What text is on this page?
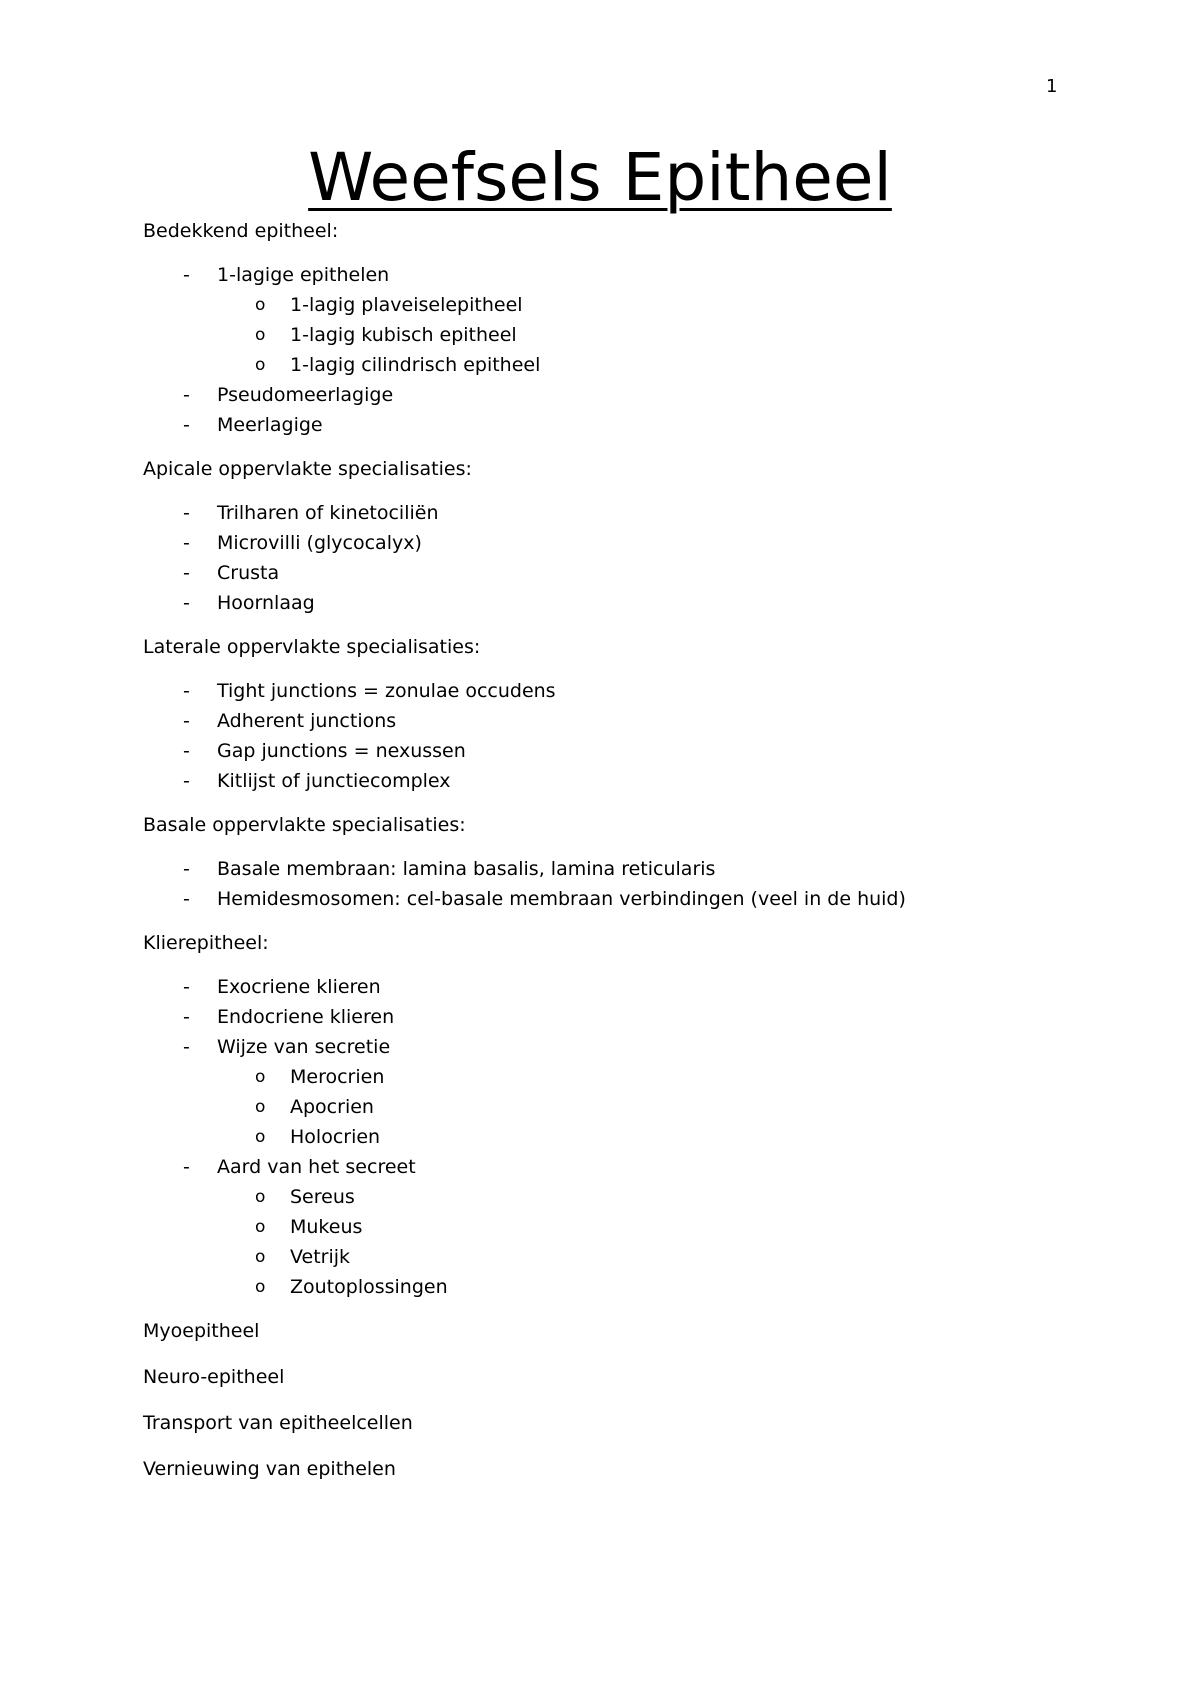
1
Weefsels Epitheel

Bedekkend epitheel:

- 1-lagige epithelen
o 1-lagig plaveiselepitheel
o 1-lagig kubisch epitheel
o 1-lagig cilindrisch epitheel
- Pseudomeerlagige
- Meerlagige

Apicale oppervlakte specialisaties:

- Trilharen of kinetociliën
- Microvilli (glycocalyx)
- Crusta
- Hoornlaag

Laterale oppervlakte specialisaties:

- Tight junctions = zonulae occudens
- Adherent junctions
- Gap junctions = nexussen
- Kitlijst of junctiecomplex

Basale oppervlakte specialisaties:

- Basale membraan: lamina basalis, lamina reticularis
- Hemidesmosomen: cel-basale membraan verbindingen (veel in de huid)

Klierepitheel:

- Exocriene klieren
- Endocriene klieren
- Wijze van secretie
o Merocrien
o Apocrien
o Holocrien
- Aard van het secreet
o Sereus
o Mukeus
o Vetrijk
o Zoutoplossingen

Myoepitheel

Neuro-epitheel

Transport van epitheelcellen

Vernieuwing van epithelen
